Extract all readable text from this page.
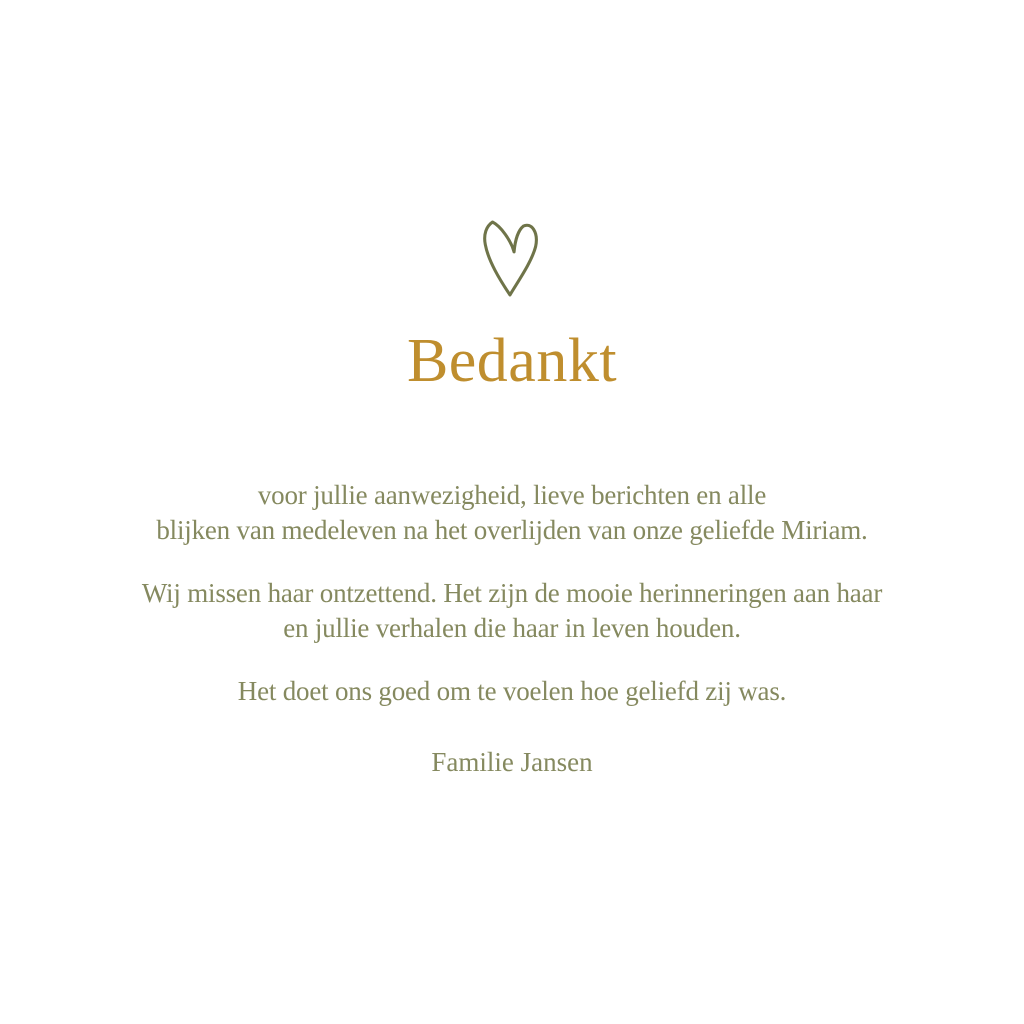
Bedankt

voor jullie aanwezigheid, lieve berichten en alle
blijken van medeleven na het overlijden van onze geliefde Miriam.

Wij missen haar ontzettend. Het zijn de mooie herinneringen aan haar
en jullie verhalen die haar in leven houden.

Het doet ons goed om te voelen hoe geliefd zij was.

Familie Jansen
